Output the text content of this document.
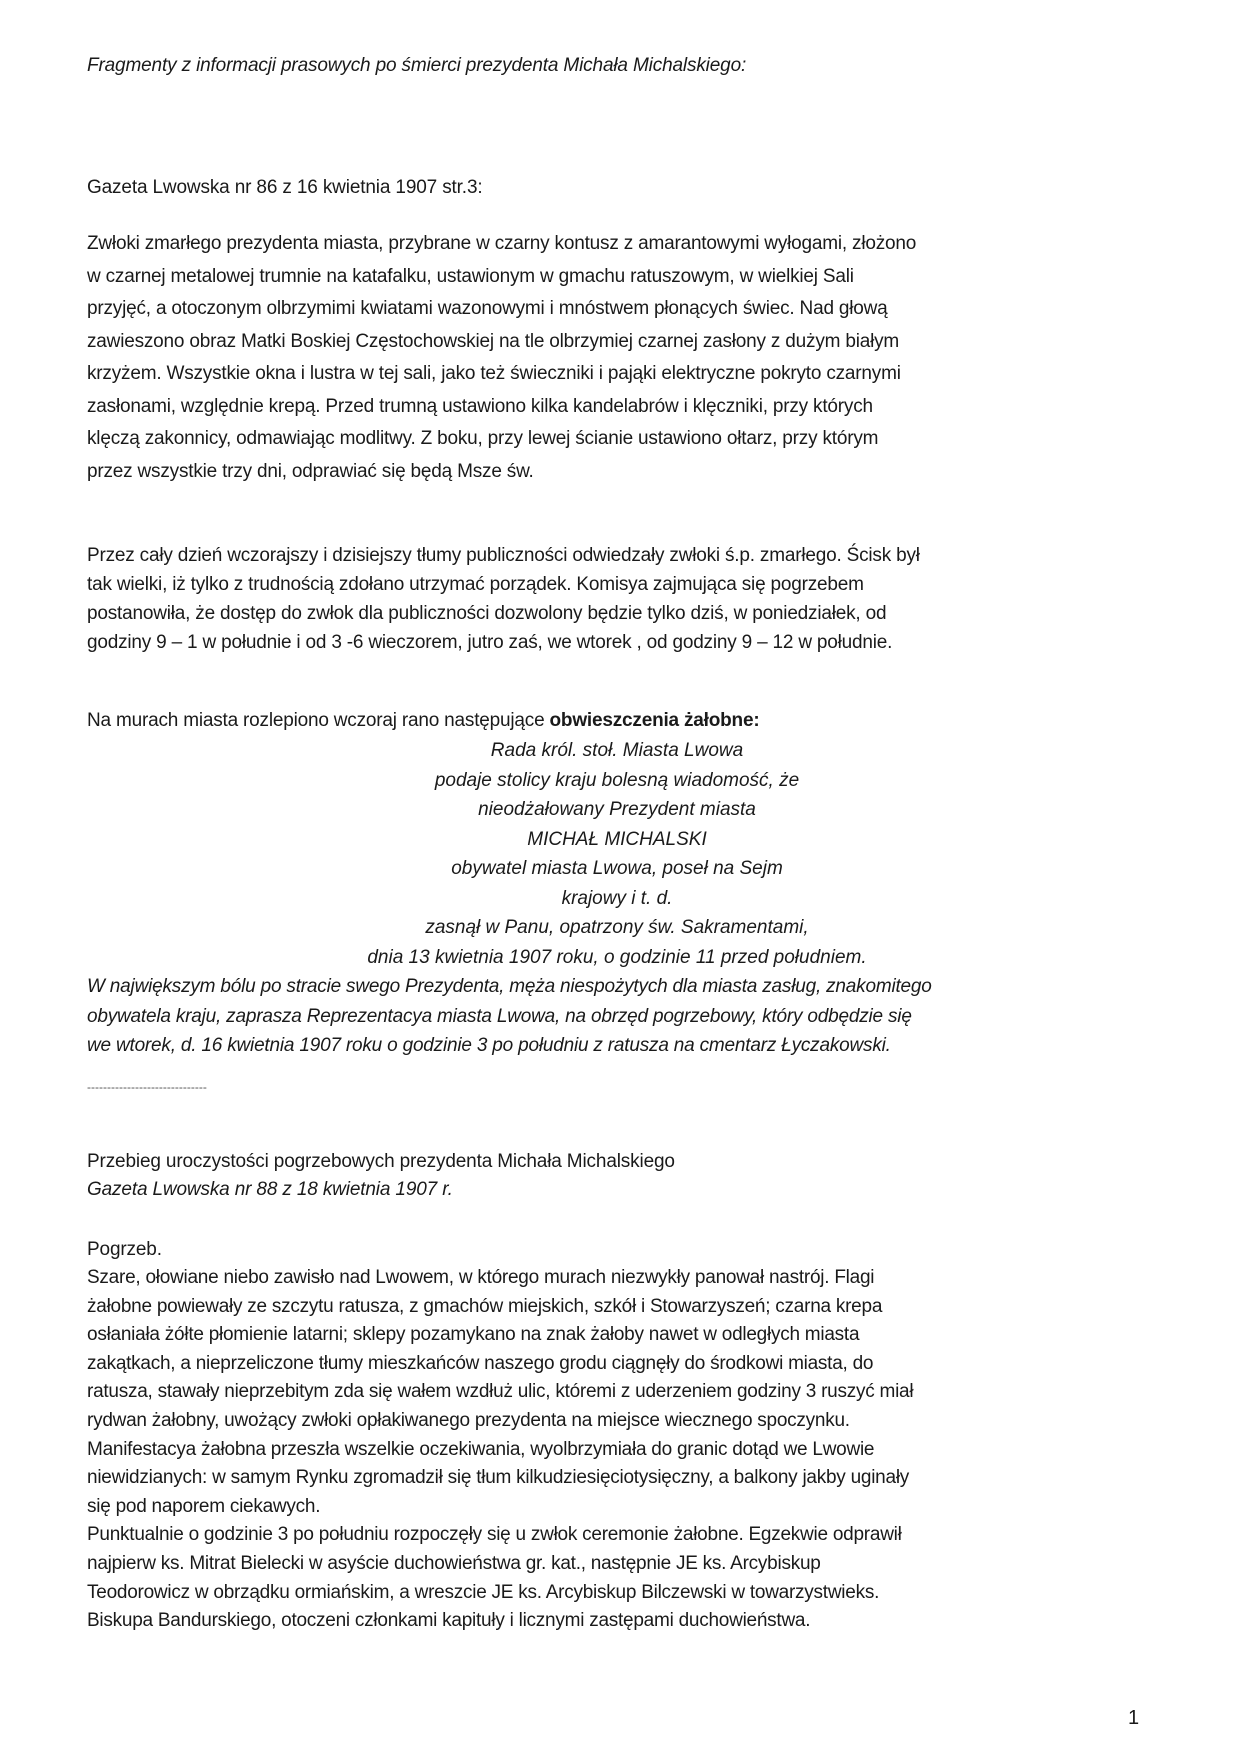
Fragmenty z informacji prasowych po śmierci prezydenta Michała Michalskiego:
Gazeta Lwowska nr 86 z 16 kwietnia 1907 str.3:
Zwłoki zmarłego prezydenta miasta, przybrane w czarny kontusz z amarantowymi wyłogami, złożono
w czarnej metalowej trumnie na katafalku, ustawionym w gmachu ratuszowym, w wielkiej Sali
przyjęć, a otoczonym olbrzymimi kwiatami wazonowymi i mnóstwem płonących świec. Nad głową
zawieszono obraz Matki Boskiej Częstochowskiej na tle olbrzymiej czarnej zasłony z dużym białym
krzyżem. Wszystkie okna i lustra w tej sali, jako też świeczniki i pająki elektryczne pokryto czarnymi
zasłonami, względnie krepą. Przed trumną ustawiono kilka kandelabrów i klęczniki, przy których
klęczą zakonnicy, odmawiając modlitwy. Z boku, przy lewej ścianie ustawiono ołtarz, przy którym
przez wszystkie trzy dni, odprawiać się będą Msze św.
Przez cały dzień wczorajszy i dzisiejszy tłumy publiczności odwiedzały zwłoki ś.p. zmarłego. Ścisk był
tak wielki, iż tylko z trudnością zdołano utrzymać porządek. Komisya zajmująca się pogrzebem
postanowiła, że dostęp do zwłok dla publiczności dozwolony będzie tylko dziś, w poniedziałek, od
godziny 9 – 1 w południe i od 3 -6 wieczorem, jutro zaś, we wtorek , od godziny 9 – 12 w południe.
Na murach miasta rozlepiono wczoraj rano następujące obwieszczenia żałobne:
Rada król. stoł. Miasta Lwowa
podaje stolicy kraju bolesną wiadomość, że
nieodżałowany Prezydent miasta
MICHAŁ MICHALSKI
obywatel miasta Lwowa, poseł na Sejm
krajowy i t. d.
zasnął w Panu, opatrzony św. Sakramentami,
dnia 13 kwietnia 1907 roku, o godzinie 11 przed południem.
W największym bólu po stracie swego Prezydenta, męża niespożytych dla miasta zasług, znakomitego
obywatela kraju, zaprasza Reprezentacya miasta Lwowa, na obrzęd pogrzebowy, który odbędzie się
we wtorek, d. 16 kwietnia 1907 roku o godzinie 3 po południu z ratusza na cmentarz Łyczakowski.
------------------------------
Przebieg uroczystości pogrzebowych prezydenta Michała Michalskiego
Gazeta Lwowska nr 88 z 18 kwietnia 1907 r.
Pogrzeb.
Szare, ołowiane niebo zawisło nad Lwowem, w którego murach niezwykły panował nastrój. Flagi
żałobne powiewały ze szczytu ratusza, z gmachów miejskich, szkół i Stowarzyszeń; czarna krepa
osłaniała żółte płomienie latarni; sklepy pozamykano na znak żałoby nawet w odległych miasta
zakątkach, a nieprzeliczone tłumy mieszkańców naszego grodu ciągnęły do środkowi miasta, do
ratusza, stawały nieprzebitym zda się wałem wzdłuż ulic, któremi z uderzeniem godziny 3 ruszyć miał
rydwan żałobny, uwożący zwłoki opłakiwanego prezydenta na miejsce wiecznego spoczynku.
Manifestacya żałobna przeszła wszelkie oczekiwania, wyolbrzymiała do granic dotąd we Lwowie
niewidzianych: w samym Rynku zgromadził się tłum kilkudziesięciotysięczny, a balkony jakby uginały
się pod naporem ciekawych.
Punktualnie o godzinie 3 po południu rozpoczęły się u zwłok ceremonie żałobne. Egzekwie odprawił
najpierw ks. Mitrat Bielecki w asyście duchowieństwa gr. kat., następnie JE ks. Arcybiskup
Teodorowicz w obrządku ormiańskim, a wreszcie JE ks. Arcybiskup Bilczewski w towarzystwieks.
Biskupa Bandurskiego, otoczeni członkami kapituły i licznymi zastępami duchowieństwa.
1
